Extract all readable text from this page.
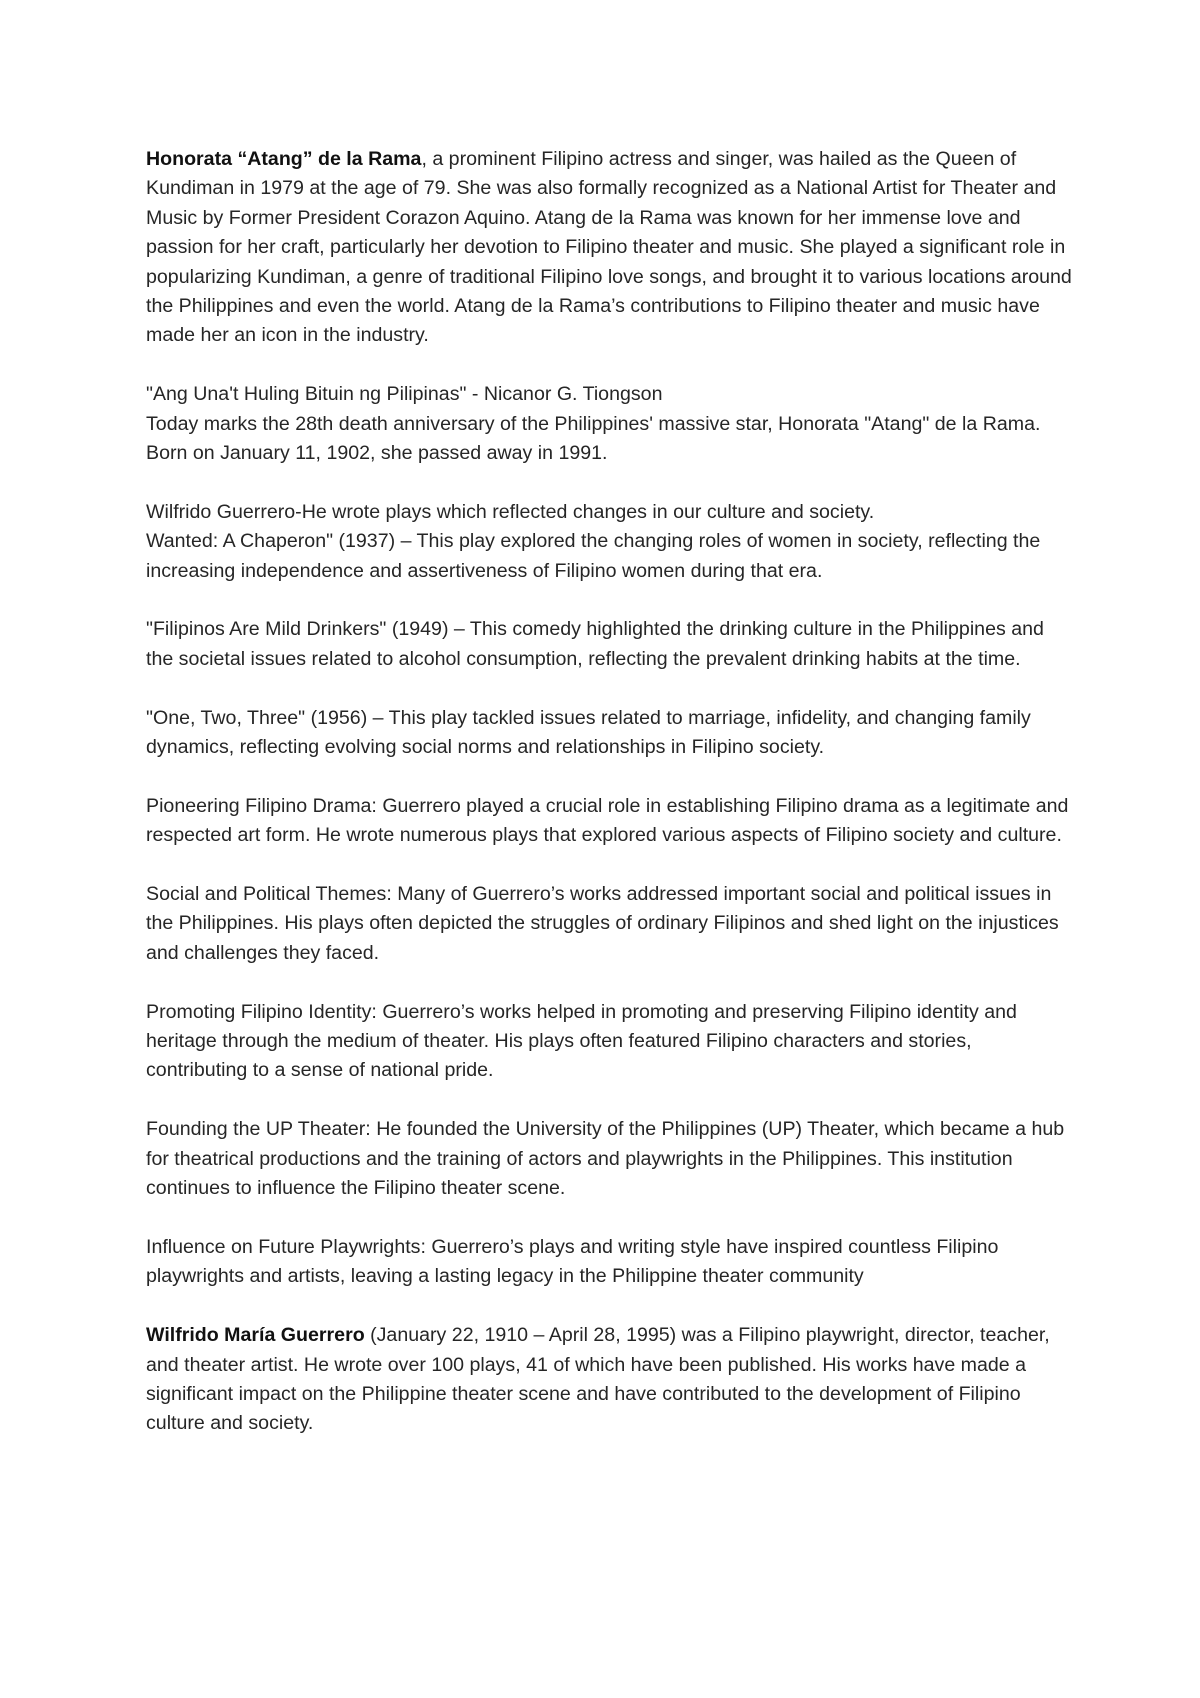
Honorata “Atang” de la Rama, a prominent Filipino actress and singer, was hailed as the Queen of Kundiman in 1979 at the age of 79. She was also formally recognized as a National Artist for Theater and Music by Former President Corazon Aquino. Atang de la Rama was known for her immense love and passion for her craft, particularly her devotion to Filipino theater and music. She played a significant role in popularizing Kundiman, a genre of traditional Filipino love songs, and brought it to various locations around the Philippines and even the world. Atang de la Rama’s contributions to Filipino theater and music have made her an icon in the industry.

"Ang Una't Huling Bituin ng Pilipinas" - Nicanor G. Tiongson

Today marks the 28th death anniversary of the Philippines' massive star, Honorata "Atang" de la Rama. Born on January 11, 1902, she passed away in 1991.

Wilfrido Guerrero-He wrote plays which reflected changes in our culture and society.

Wanted: A Chaperon" (1937) – This play explored the changing roles of women in society, reflecting the increasing independence and assertiveness of Filipino women during that era.

"Filipinos Are Mild Drinkers" (1949) – This comedy highlighted the drinking culture in the Philippines and the societal issues related to alcohol consumption, reflecting the prevalent drinking habits at the time.

"One, Two, Three" (1956) – This play tackled issues related to marriage, infidelity, and changing family dynamics, reflecting evolving social norms and relationships in Filipino society.

Pioneering Filipino Drama: Guerrero played a crucial role in establishing Filipino drama as a legitimate and respected art form. He wrote numerous plays that explored various aspects of Filipino society and culture.

Social and Political Themes: Many of Guerrero’s works addressed important social and political issues in the Philippines. His plays often depicted the struggles of ordinary Filipinos and shed light on the injustices and challenges they faced.

Promoting Filipino Identity: Guerrero’s works helped in promoting and preserving Filipino identity and heritage through the medium of theater. His plays often featured Filipino characters and stories, contributing to a sense of national pride.

Founding the UP Theater: He founded the University of the Philippines (UP) Theater, which became a hub for theatrical productions and the training of actors and playwrights in the Philippines. This institution continues to influence the Filipino theater scene.

Influence on Future Playwrights: Guerrero’s plays and writing style have inspired countless Filipino playwrights and artists, leaving a lasting legacy in the Philippine theater community

Wilfrido María Guerrero (January 22, 1910 – April 28, 1995) was a Filipino playwright, director, teacher, and theater artist. He wrote over 100 plays, 41 of which have been published. His works have made a significant impact on the Philippine theater scene and have contributed to the development of Filipino culture and society.
